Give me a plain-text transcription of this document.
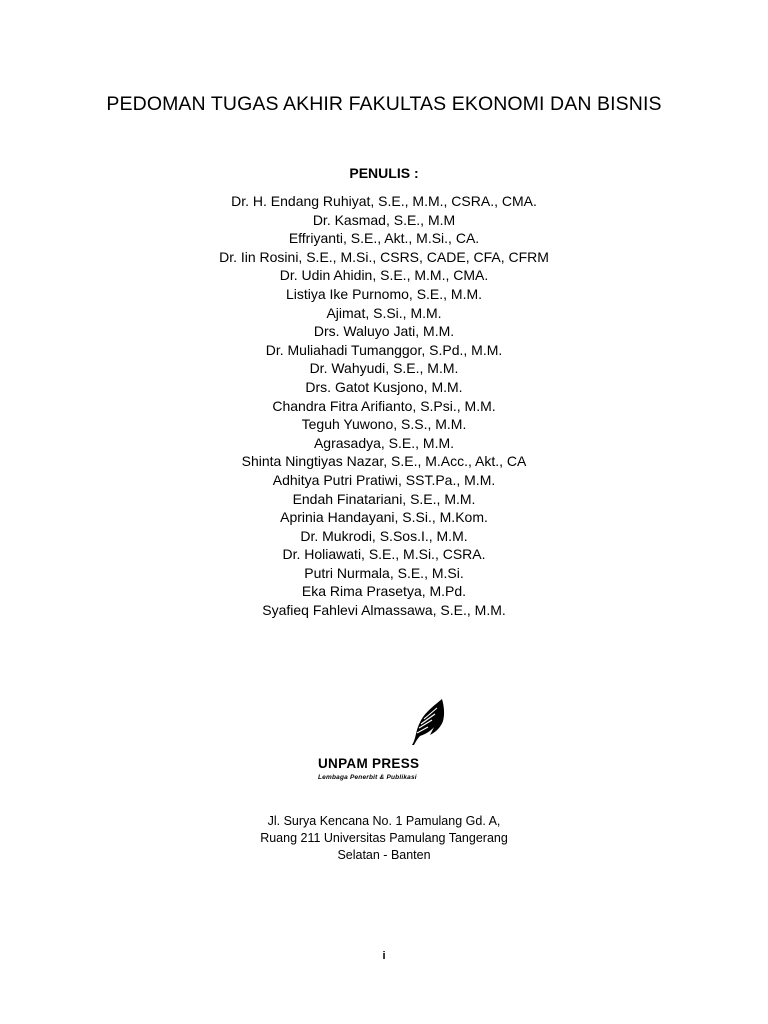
PEDOMAN TUGAS AKHIR FAKULTAS EKONOMI DAN BISNIS
PENULIS :
Dr. H. Endang Ruhiyat, S.E., M.M., CSRA., CMA.
Dr. Kasmad, S.E., M.M
Effriyanti, S.E., Akt., M.Si., CA.
Dr. Iin Rosini, S.E., M.Si., CSRS, CADE, CFA, CFRM
Dr. Udin Ahidin, S.E., M.M., CMA.
Listiya Ike Purnomo, S.E., M.M.
Ajimat, S.Si., M.M.
Drs. Waluyo Jati, M.M.
Dr. Muliahadi Tumanggor, S.Pd., M.M.
Dr. Wahyudi, S.E., M.M.
Drs. Gatot Kusjono, M.M.
Chandra Fitra Arifianto, S.Psi., M.M.
Teguh Yuwono, S.S., M.M.
Agrasadya, S.E., M.M.
Shinta Ningtiyas Nazar, S.E., M.Acc., Akt., CA
Adhitya Putri Pratiwi, SST.Pa., M.M.
Endah Finatariani, S.E., M.M.
Aprinia Handayani, S.Si., M.Kom.
Dr. Mukrodi, S.Sos.I., M.M.
Dr. Holiawati, S.E., M.Si., CSRA.
Putri Nurmala, S.E., M.Si.
Eka Rima Prasetya, M.Pd.
Syafieq Fahlevi Almassawa, S.E., M.M.
UNPAM PRESS
Lembaga Penerbit & Publikasi
Jl. Surya Kencana No. 1 Pamulang Gd. A,
Ruang 211 Universitas Pamulang Tangerang
Selatan - Banten
i
